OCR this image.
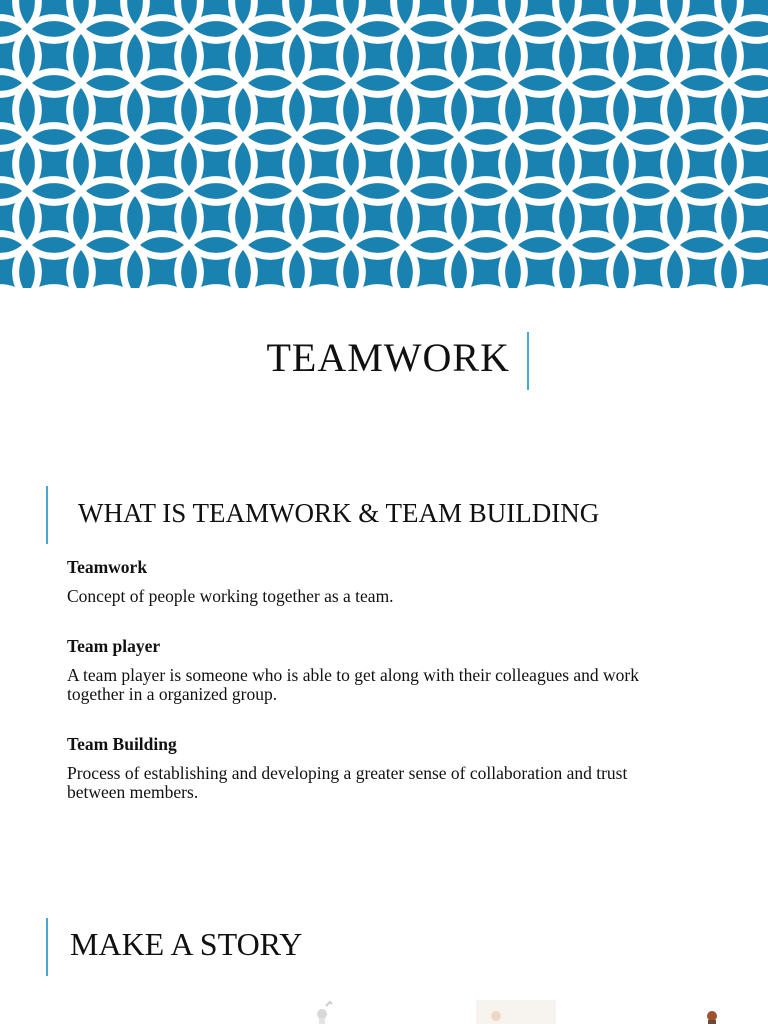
TEAMWORK
WHAT IS TEAMWORK & TEAM BUILDING

Teamwork

Concept of people working together as a team.

Team player

A team player is someone who is able to get along with their colleagues and work together in a organized group.

Team Building

Process of establishing and developing a greater sense of collaboration and trust between members.

MAKE A STORY
